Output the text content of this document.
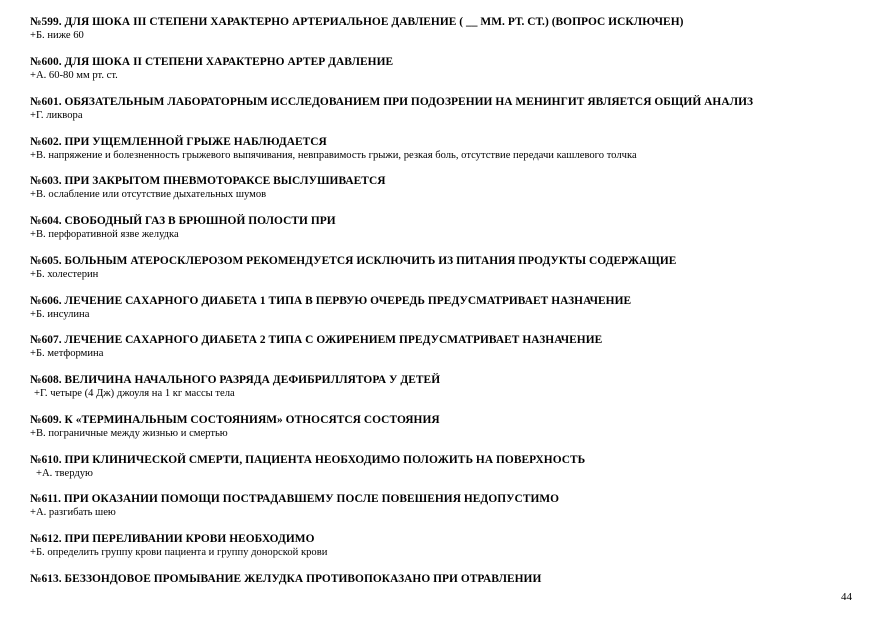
№599. ДЛЯ ШОКА III СТЕПЕНИ ХАРАКТЕРНО АРТЕРИАЛЬНОЕ ДАВЛЕНИЕ ( __ ММ. РТ. СТ.) (ВОПРОС ИСКЛЮЧЕН)
+Б. ниже 60
№600. ДЛЯ ШОКА II СТЕПЕНИ ХАРАКТЕРНО АРТЕР ДАВЛЕНИЕ
+А. 60-80 мм рт. ст.
№601. ОБЯЗАТЕЛЬНЫМ ЛАБОРАТОРНЫМ ИССЛЕДОВАНИЕМ ПРИ ПОДОЗРЕНИИ НА МЕНИНГИТ ЯВЛЯЕТСЯ ОБЩИЙ АНАЛИЗ
+Г. ликвора
№602. ПРИ УЩЕМЛЕННОЙ ГРЫЖЕ НАБЛЮДАЕТСЯ
+В. напряжение и болезненность грыжевого выпячивания, невправимость грыжи, резкая боль, отсутствие передачи кашлевого толчка
№603. ПРИ ЗАКРЫТОМ ПНЕВМОТОРАКСЕ ВЫСЛУШИВАЕТСЯ
+В. ослабление или отсутствие дыхательных шумов
№604. СВОБОДНЫЙ ГАЗ В БРЮШНОЙ ПОЛОСТИ ПРИ
+В. перфоративной язве желудка
№605. БОЛЬНЫМ АТЕРОСКЛЕРОЗОМ РЕКОМЕНДУЕТСЯ ИСКЛЮЧИТЬ ИЗ ПИТАНИЯ ПРОДУКТЫ СОДЕРЖАЩИЕ
+Б. холестерин
№606. ЛЕЧЕНИЕ САХАРНОГО ДИАБЕТА 1 ТИПА В ПЕРВУЮ ОЧЕРЕДЬ ПРЕДУСМАТРИВАЕТ НАЗНАЧЕНИЕ
+Б. инсулина
№607. ЛЕЧЕНИЕ САХАРНОГО ДИАБЕТА 2 ТИПА С ОЖИРЕНИЕМ ПРЕДУСМАТРИВАЕТ НАЗНАЧЕНИЕ
+Б. метформина
№608. ВЕЛИЧИНА НАЧАЛЬНОГО РАЗРЯДА ДЕФИБРИЛЛЯТОРА У ДЕТЕЙ
+Г. четыре (4 Дж) джоуля на 1 кг массы тела
№609. К «ТЕРМИНАЛЬНЫМ СОСТОЯНИЯМ» ОТНОСЯТСЯ СОСТОЯНИЯ
+В. пограничные между жизнью и смертью
№610. ПРИ КЛИНИЧЕСКОЙ СМЕРТИ, ПАЦИЕНТА НЕОБХОДИМО ПОЛОЖИТЬ НА ПОВЕРХНОСТЬ
+А. твердую
№611. ПРИ ОКАЗАНИИ ПОМОЩИ ПОСТРАДАВШЕМУ ПОСЛЕ ПОВЕШЕНИЯ НЕДОПУСТИМО
+А. разгибать шею
№612. ПРИ ПЕРЕЛИВАНИИ КРОВИ НЕОБХОДИМО
+Б. определить группу крови пациента и группу донорской крови
№613. БЕЗЗОНДОВОЕ ПРОМЫВАНИЕ ЖЕЛУДКА ПРОТИВОПОКАЗАНО ПРИ ОТРАВЛЕНИИ
44
